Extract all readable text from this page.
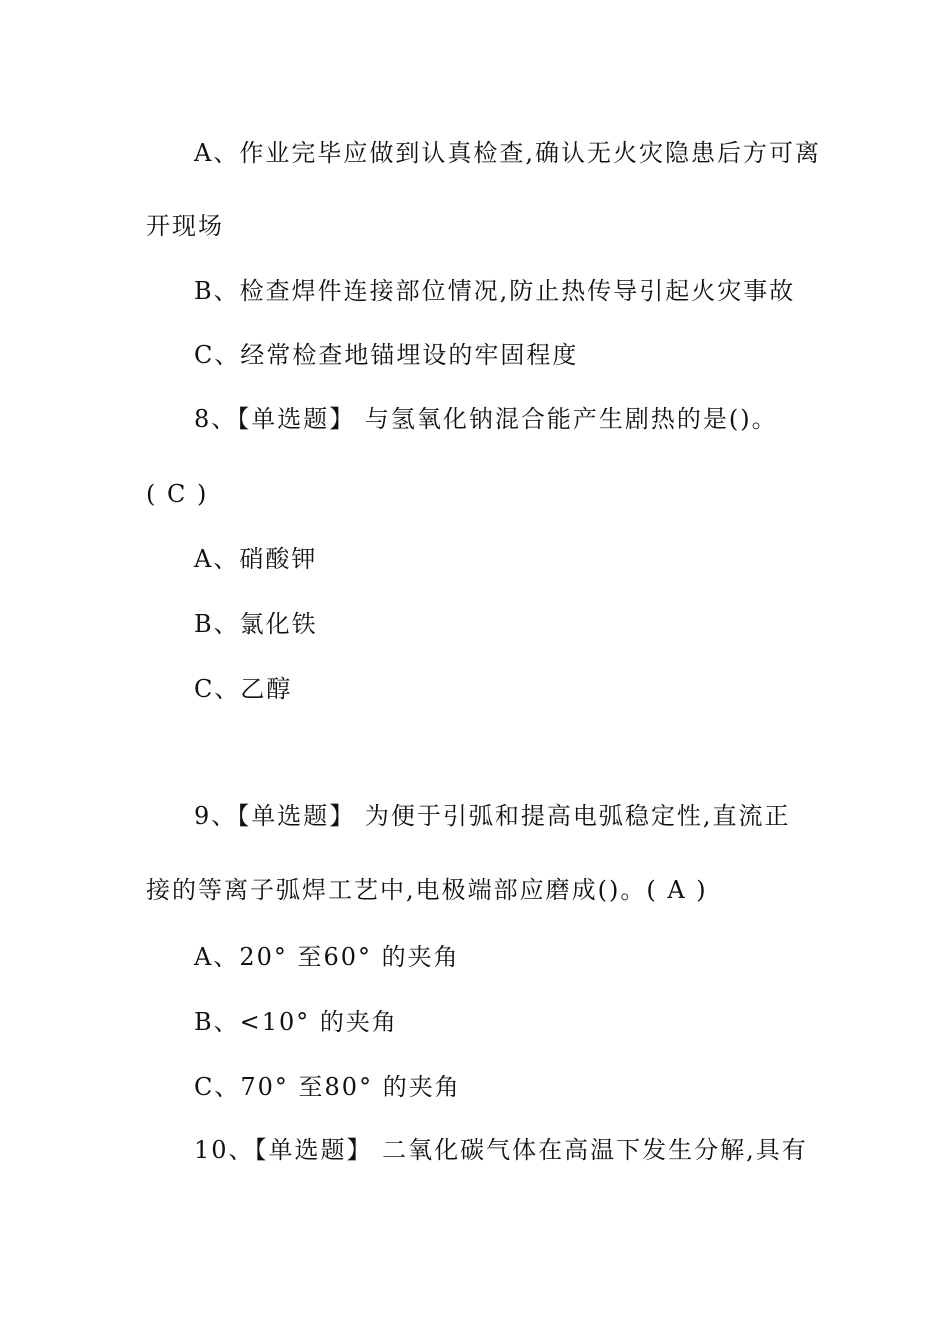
A、作业完毕应做到认真检查,确认无火灾隐患后方可离
开现场
B、检查焊件连接部位情况,防止热传导引起火灾事故
C、经常检查地锚埋设的牢固程度
8、【单选题】 与氢氧化钠混合能产生剧热的是()。
( C )
A、硝酸钾
B、氯化铁
C、乙醇
9、【单选题】 为便于引弧和提高电弧稳定性,直流正
接的等离子弧焊工艺中,电极端部应磨成()。( A )
A、20° 至60° 的夹角
B、<10° 的夹角
C、70° 至80° 的夹角
10、【单选题】 二氧化碳气体在高温下发生分解,具有
